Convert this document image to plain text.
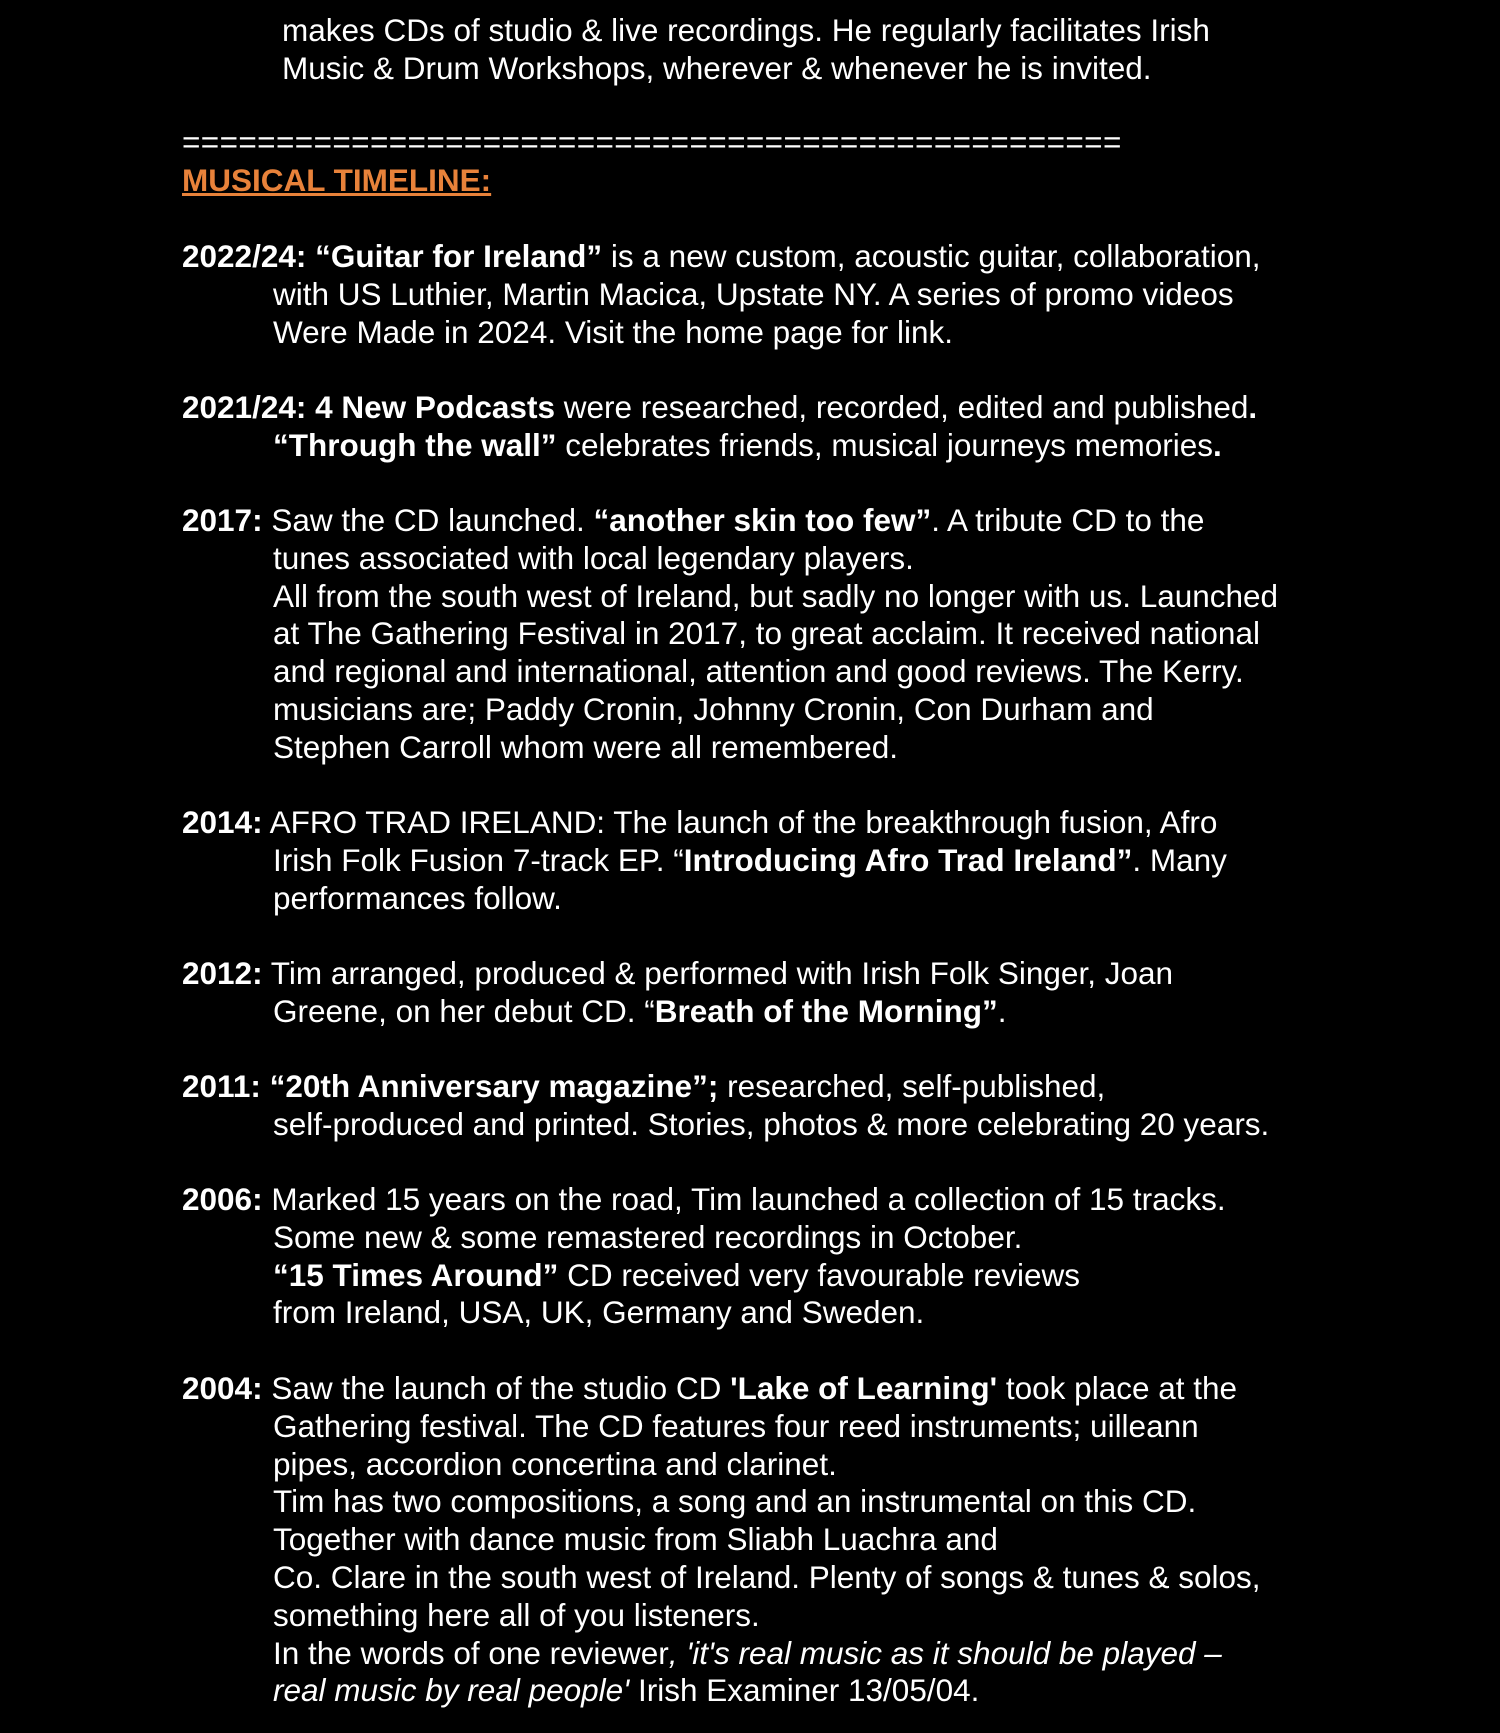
makes CDs of studio & live recordings. He regularly facilitates Irish
Music & Drum Workshops, wherever & whenever he is invited.

==================================================

MUSICAL TIMELINE:

2022/24: “Guitar for Ireland” is a new custom, acoustic guitar, collaboration,
with US Luthier, Martin Macica, Upstate NY. A series of promo videos
Were Made in 2024. Visit the home page for link.

2021/24: 4 New Podcasts were researched, recorded, edited and published.
“Through the wall” celebrates friends, musical journeys memories.

2017: Saw the CD launched. “another skin too few”. A tribute CD to the
tunes associated with local legendary players.
All from the south west of Ireland, but sadly no longer with us. Launched
at The Gathering Festival in 2017, to great acclaim. It received national
and regional and international, attention and good reviews. The Kerry.
musicians are; Paddy Cronin, Johnny Cronin, Con Durham and
Stephen Carroll whom were all remembered.

2014: AFRO TRAD IRELAND: The launch of the breakthrough fusion, Afro
Irish Folk Fusion 7-track EP. “Introducing Afro Trad Ireland”. Many
performances follow.

2012: Tim arranged, produced & performed with Irish Folk Singer, Joan
Greene, on her debut CD. “Breath of the Morning”.

2011: “20th Anniversary magazine”; researched, self-published,
self-produced and printed. Stories, photos & more celebrating 20 years.

2006: Marked 15 years on the road, Tim launched a collection of 15 tracks.
Some new & some remastered recordings in October.
“15 Times Around” CD received very favourable reviews
from Ireland, USA, UK, Germany and Sweden.

2004: Saw the launch of the studio CD 'Lake of Learning' took place at the
Gathering festival. The CD features four reed instruments; uilleann
pipes, accordion concertina and clarinet.
Tim has two compositions, a song and an instrumental on this CD.
Together with dance music from Sliabh Luachra and
Co. Clare in the south west of Ireland. Plenty of songs & tunes & solos,
something here all of you listeners.
In the words of one reviewer, 'it's real music as it should be played –
real music by real people' Irish Examiner 13/05/04.
